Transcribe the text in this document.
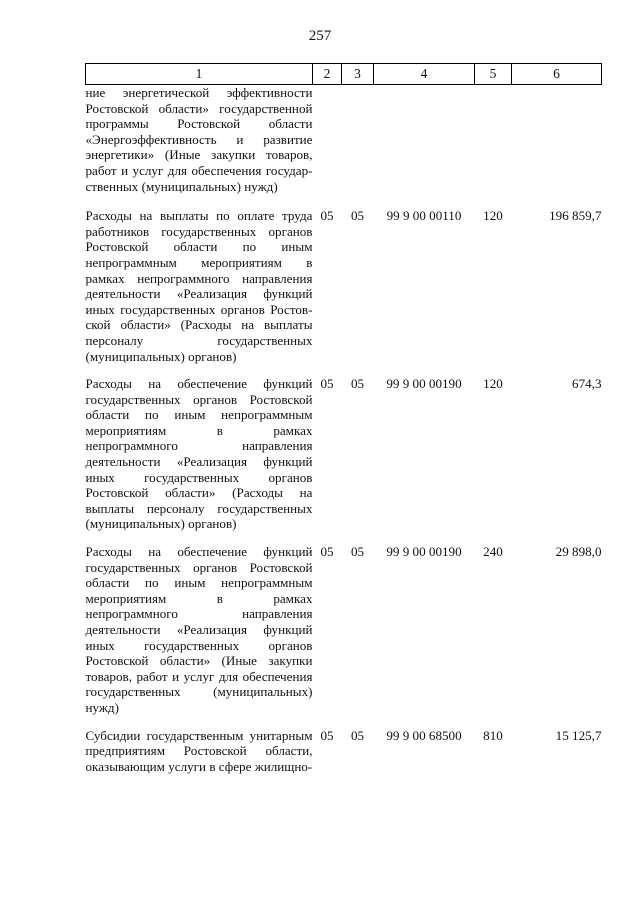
257
1	2	3	4	5	6
ние энергетической эффективности Ростовской области» государственной программы Ростовской области «Энергоэффективность и развитие энергетики» (Иные закупки товаров, работ и услуг для обеспечения государственных (муниципальных) нужд)					
Расходы на выплаты по оплате труда работников государственных органов Ростовской области по иным непрограммным мероприятиям в рамках непрограммного направления деятельности «Реализация функций иных государственных органов Ростовской области» (Расходы на выплаты персоналу государственных (муниципальных) органов)	05	05	99 9 00 00110	120	196 859,7
Расходы на обеспечение функций государственных органов Ростовской области по иным непрограммным мероприятиям в рамках непрограммного направления деятельности «Реализация функций иных государственных органов Ростовской области» (Расходы на выплаты персоналу государственных (муниципальных) органов)	05	05	99 9 00 00190	120	674,3
Расходы на обеспечение функций государственных органов Ростовской области по иным непрограммным мероприятиям в рамках непрограммного направления деятельности «Реализация функций иных государственных органов Ростовской области» (Иные закупки товаров, работ и услуг для обеспечения государственных (муниципальных) нужд)	05	05	99 9 00 00190	240	29 898,0
Субсидии государственным унитарным предприятиям Ростовской области, оказывающим услуги в сфере жилищно-	05	05	99 9 00 68500	810	15 125,7
